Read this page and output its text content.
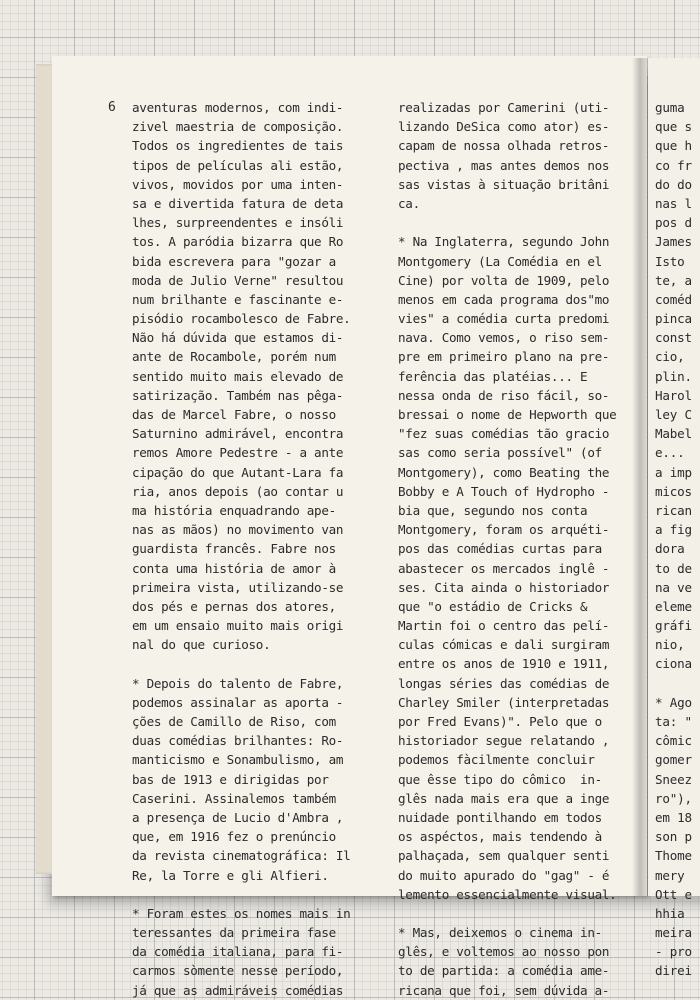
6 aventuras modernos, com indi-
zivel maestria de composição.
Todos os ingredientes de tais
tipos de películas ali estão,
vivos, movidos por uma inten-
sa e divertida fatura de deta
lhes, surpreendentes e insóli
tos. A paródia bizarra que Ro
bida escrevera para "gozar a
moda de Julio Verne" resultou
num brilhante e fascinante e-
pisódio rocambolesco de Fabre.
Não há dúvida que estamos di-
ante de Rocambole, porém num
sentido muito mais elevado de
satirização. Também nas pêga-
das de Marcel Fabre, o nosso
Saturnino admirável, encontra
remos Amore Pedestre - a ante
cipação do que Autant-Lara fa
ria, anos depois (ao contar u
ma história enquadrando ape-
nas as mãos) no movimento van
guardista francês. Fabre nos
conta uma história de amor à
primeira vista, utilizando-se
dos pés e pernas dos atores,
em um ensaio muito mais origi
nal do que curioso.
* Depois do talento de Fabre,
podemos assinalar as aporta -
ções de Camillo de Riso, com
duas comédias brilhantes: Ro-
manticismo e Sonambulismo, am
bas de 1913 e dirigidas por
Caserini. Assinalemos também
a presença de Lucio d'Ambra ,
que, em 1916 fez o prenúncio
da revista cinematográfica: Il
Re, la Torre e gli Alfieri.
* Foram estes os nomes mais in
teressantes da primeira fase
da comédia italiana, para fi-
carmos sòmente nesse período,
já que as admiráveis comédias
realizadas por Camerini (uti-
lizando DeSica como ator) es-
capam de nossa olhada retros-
pectiva , mas antes demos nos
sas vistas à situação britâni
ca.
* Na Inglaterra, segundo John
Montgomery (La Comédia en el
Cine) por volta de 1909, pelo
menos em cada programa dos"mo
vies" a comédia curta predomi
nava. Como vemos, o riso sem-
pre em primeiro plano na pre-
ferência das platéias... E
nessa onda de riso fácil, so-
bressai o nome de Hepworth que
"fez suas comédias tão gracio
sas como seria possível" (of
Montgomery), como Beating the
Bobby e A Touch of Hydropho -
bia que, segundo nos conta
Montgomery, foram os arquéti-
pos das comédias curtas para
abastecer os mercados inglê -
ses. Cita ainda o historiador
que "o estádio de Cricks &
Martin foi o centro das pelí-
culas cómicas e dali surgiram
entre os anos de 1910 e 1911,
longas séries das comédias de
Charley Smiler (interpretadas
por Fred Evans)". Pelo que o
historiador segue relatando ,
podemos fàcilmente concluir
que êsse tipo do cômico  in-
glês nada mais era que a inge
nuidade pontilhando em todos
os aspéctos, mais tendendo à
palhaçada, sem qualquer senti
do muito apurado do "gag" - é
lemento essencialmente visual.
* Mas, deixemos o cinema in-
glês, e voltemos ao nosso pon
to de partida: a comédia ame-
ricana que foi, sem dúvida a-
guma
que s
que h
co fr
do do
nas l
pos d
James
Isto
te, a
coméd
pinca
const
cio,
plin.
Harol
ley C
Mabel
e...
a imp
micos
rican
a fig
dora
to de
na ve
eleme
gráfi
nio,
ciona
* Ago
ta: "
cômic
gomer
Sneez
ro"),
em 18
son p
Thome
mery
Ott e
hhia
meira
- pro
direi
